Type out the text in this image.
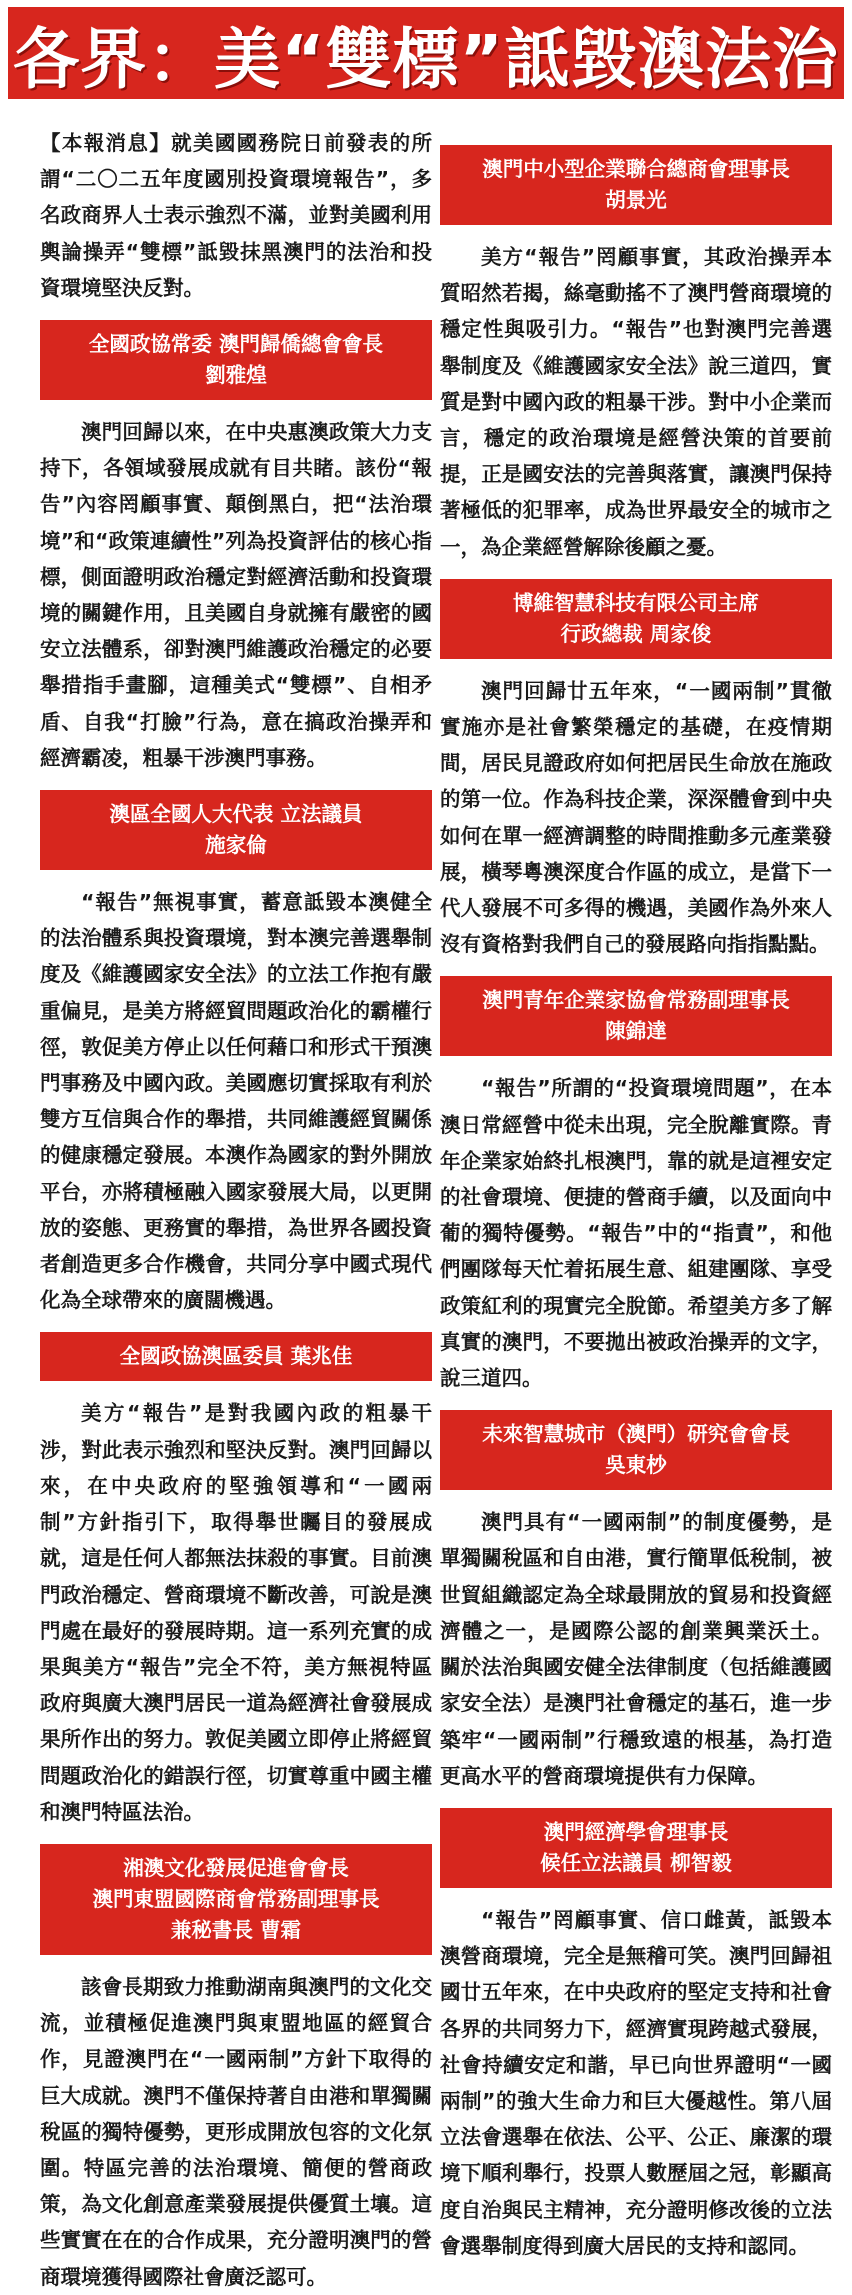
各界：美“雙標”詆毀澳法治

【本報消息】就美國國務院日前發表的所謂“二〇二五年度國別投資環境報告”，多名政商界人士表示強烈不滿，並對美國利用輿論操弄“雙標”詆毀抹黑澳門的法治和投資環境堅決反對。

全國政協常委 澳門歸僑總會會長
劉雅煌

澳門回歸以來，在中央惠澳政策大力支持下，各領域發展成就有目共睹。該份“報告”內容罔顧事實、顛倒黑白，把“法治環境”和“政策連續性”列為投資評估的核心指標，側面證明政治穩定對經濟活動和投資環境的關鍵作用，且美國自身就擁有嚴密的國安立法體系，卻對澳門維護政治穩定的必要舉措指手畫腳，這種美式“雙標”、自相矛盾、自我“打臉”行為，意在搞政治操弄和經濟霸凌，粗暴干涉澳門事務。

澳區全國人大代表 立法議員
施家倫

“報告”無視事實，蓄意詆毀本澳健全的法治體系與投資環境，對本澳完善選舉制度及《維護國家安全法》的立法工作抱有嚴重偏見，是美方將經貿問題政治化的霸權行徑，敦促美方停止以任何藉口和形式干預澳門事務及中國內政。美國應切實採取有利於雙方互信與合作的舉措，共同維護經貿關係的健康穩定發展。本澳作為國家的對外開放平台，亦將積極融入國家發展大局，以更開放的姿態、更務實的舉措，為世界各國投資者創造更多合作機會，共同分享中國式現代化為全球帶來的廣闊機遇。

全國政協澳區委員 葉兆佳

美方“報告”是對我國內政的粗暴干涉，對此表示強烈和堅決反對。澳門回歸以來，在中央政府的堅強領導和“一國兩制”方針指引下，取得舉世矚目的發展成就，這是任何人都無法抹殺的事實。目前澳門政治穩定、營商環境不斷改善，可說是澳門處在最好的發展時期。這一系列充實的成果與美方“報告”完全不符，美方無視特區政府與廣大澳門居民一道為經濟社會發展成果所作出的努力。敦促美國立即停止將經貿問題政治化的錯誤行徑，切實尊重中國主權和澳門特區法治。

湘澳文化發展促進會會長
澳門東盟國際商會常務副理事長
兼秘書長 曹霜

該會長期致力推動湖南與澳門的文化交流，並積極促進澳門與東盟地區的經貿合作，見證澳門在“一國兩制”方針下取得的巨大成就。澳門不僅保持著自由港和單獨關稅區的獨特優勢，更形成開放包容的文化氛圍。特區完善的法治環境、簡便的營商政策，為文化創意產業發展提供優質土壤。這些實實在在的合作成果，充分證明澳門的營商環境獲得國際社會廣泛認可。

澳門中小型企業聯合總商會理事長
胡景光

美方“報告”罔顧事實，其政治操弄本質昭然若揭，絲毫動搖不了澳門營商環境的穩定性與吸引力。“報告”也對澳門完善選舉制度及《維護國家安全法》說三道四，實質是對中國內政的粗暴干涉。對中小企業而言，穩定的政治環境是經營決策的首要前提，正是國安法的完善與落實，讓澳門保持著極低的犯罪率，成為世界最安全的城市之一，為企業經營解除後顧之憂。

博維智慧科技有限公司主席
行政總裁 周家俊

澳門回歸廿五年來，“一國兩制”貫徹實施亦是社會繁榮穩定的基礎，在疫情期間，居民見證政府如何把居民生命放在施政的第一位。作為科技企業，深深體會到中央如何在單一經濟調整的時間推動多元產業發展，橫琴粵澳深度合作區的成立，是當下一代人發展不可多得的機遇，美國作為外來人沒有資格對我們自己的發展路向指指點點。

澳門青年企業家協會常務副理事長
陳錦達

“報告”所謂的“投資環境問題”，在本澳日常經營中從未出現，完全脫離實際。青年企業家始終扎根澳門，靠的就是這裡安定的社會環境、便捷的營商手續，以及面向中葡的獨特優勢。“報告”中的“指責”，和他們團隊每天忙着拓展生意、組建團隊、享受政策紅利的現實完全脫節。希望美方多了解真實的澳門，不要拋出被政治操弄的文字，說三道四。

未來智慧城市（澳門）研究會會長
吳東杪

澳門具有“一國兩制”的制度優勢，是單獨關稅區和自由港，實行簡單低稅制，被世貿組織認定為全球最開放的貿易和投資經濟體之一，是國際公認的創業興業沃土。 關於法治與國安健全法律制度（包括維護國家安全法）是澳門社會穩定的基石，進一步築牢“一國兩制”行穩致遠的根基，為打造更高水平的營商環境提供有力保障。

澳門經濟學會理事長
候任立法議員 柳智毅

“報告”罔顧事實、信口雌黃，詆毀本澳營商環境，完全是無稽可笑。澳門回歸祖國廿五年來，在中央政府的堅定支持和社會各界的共同努力下，經濟實現跨越式發展，社會持續安定和諧，早已向世界證明“一國兩制”的強大生命力和巨大優越性。第八屆立法會選舉在依法、公平、公正、廉潔的環境下順利舉行，投票人數歷屆之冠，彰顯高度自治與民主精神，充分證明修改後的立法會選舉制度得到廣大居民的支持和認同。
